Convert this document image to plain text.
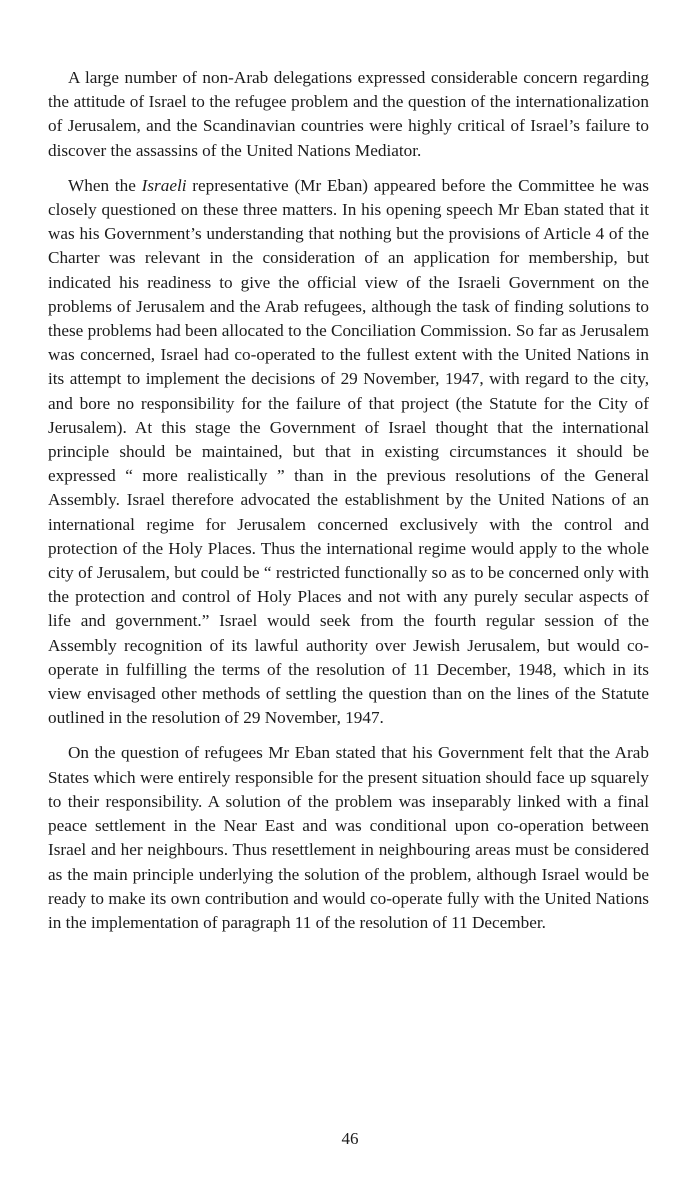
A large number of non-Arab delegations expressed considerable concern regarding the attitude of Israel to the refugee problem and the question of the internationalization of Jerusalem, and the Scandinavian countries were highly critical of Israel’s failure to discover the assassins of the United Nations Mediator.

When the Israeli representative (Mr Eban) appeared before the Committee he was closely questioned on these three matters. In his opening speech Mr Eban stated that it was his Government’s understanding that nothing but the provisions of Article 4 of the Charter was relevant in the consideration of an application for membership, but indicated his readiness to give the official view of the Israeli Government on the problems of Jerusalem and the Arab refugees, although the task of finding solutions to these problems had been allocated to the Conciliation Commission. So far as Jerusalem was concerned, Israel had co-operated to the fullest extent with the United Nations in its attempt to implement the decisions of 29 November, 1947, with regard to the city, and bore no responsibility for the failure of that project (the Statute for the City of Jerusalem). At this stage the Government of Israel thought that the international principle should be maintained, but that in existing circumstances it should be expressed “ more realistically ” than in the previous resolutions of the General Assembly. Israel therefore advocated the establishment by the United Nations of an international regime for Jerusalem concerned exclusively with the control and protection of the Holy Places. Thus the international regime would apply to the whole city of Jerusalem, but could be “ restricted functionally so as to be concerned only with the protection and control of Holy Places and not with any purely secular aspects of life and government.” Israel would seek from the fourth regular session of the Assembly recognition of its lawful authority over Jewish Jerusalem, but would co-operate in fulfilling the terms of the resolution of 11 December, 1948, which in its view envisaged other methods of settling the question than on the lines of the Statute outlined in the resolution of 29 November, 1947.

On the question of refugees Mr Eban stated that his Government felt that the Arab States which were entirely responsible for the present situation should face up squarely to their responsibility. A solution of the problem was inseparably linked with a final peace settlement in the Near East and was conditional upon co-operation between Israel and her neighbours. Thus resettlement in neighbouring areas must be considered as the main principle underlying the solution of the problem, although Israel would be ready to make its own contribution and would co-operate fully with the United Nations in the implementation of paragraph 11 of the resolution of 11 December.

46
